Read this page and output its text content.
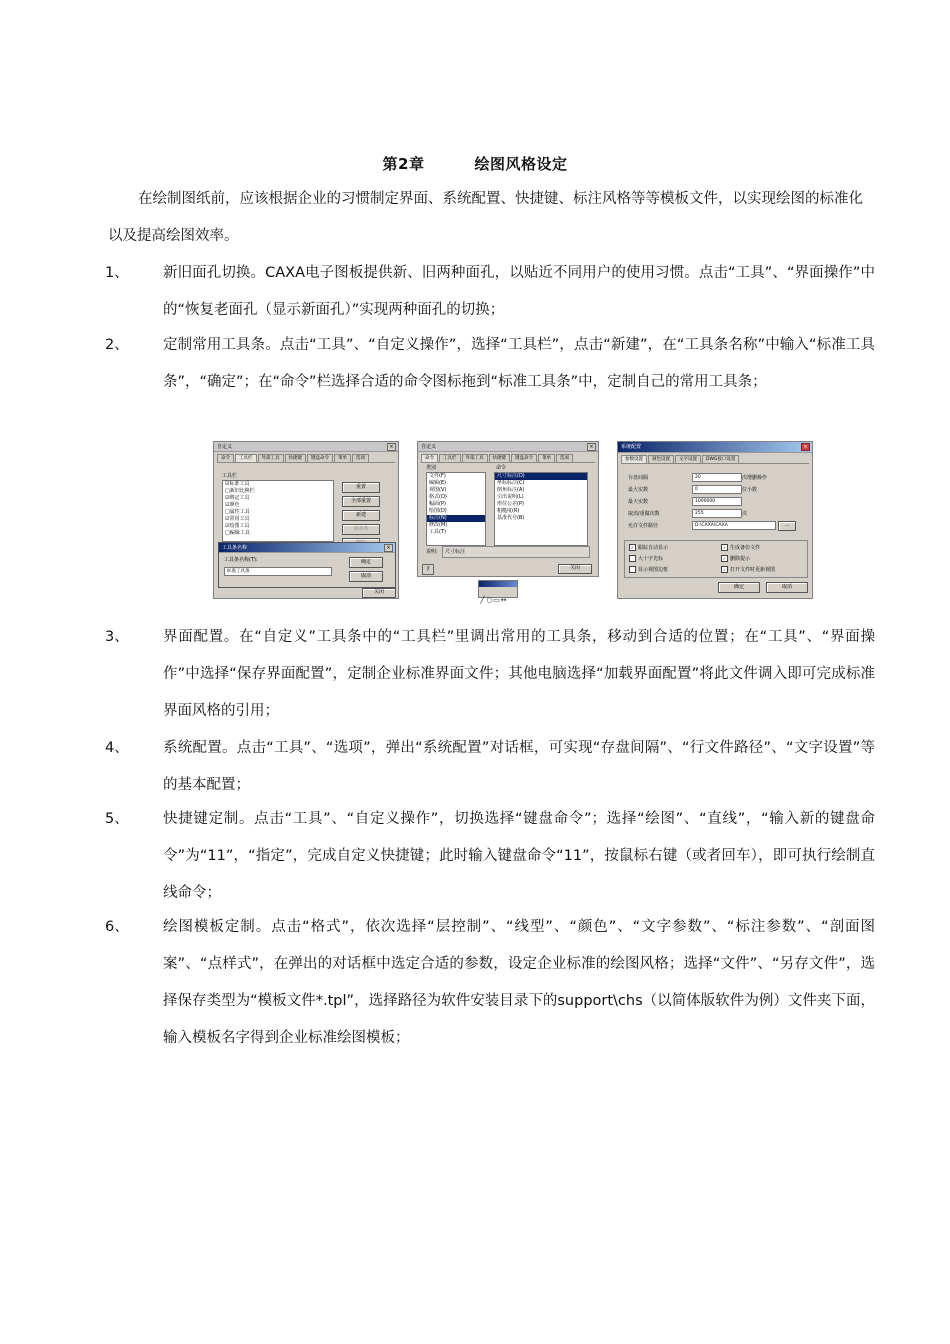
第2章	绘图风格设定

在绘制图纸前，应该根据企业的习惯制定界面、系统配置、快捷键、标注风格等等模板文件，以实现绘图的标准化以及提高绘图效率。

1、	新旧面孔切换。CAXA电子图板提供新、旧两种面孔，以贴近不同用户的使用习惯。点击“工具”、“界面操作”中的“恢复老面孔（显示新面孔）”实现两种面孔的切换；
2、	定制常用工具条。点击“工具”、“自定义操作”，选择“工具栏”，点击“新建”，在“工具条名称”中输入“标准工具条”，“确定”；在“命令”栏选择合适的命令图标拖到“标准工具条”中，定制自己的常用工具条；
自定义	×
命令 工具栏 外部工具 快捷键 键盘命令 菜单 选项
工具栏
☑标准工具
□新旧比换栏
☑绑定工具
☑颜色
□属性工具
☑常用工具
☑绘图工具
□编辑工具
重置
全部重置
新建
重命名
工具条名称	×
工具条名称(T):
标准工具条
确定
取消
关闭
自定义	×
命令 工具栏 外部工具 快捷键 键盘命令 菜单 选项
类别	命令
文件(F)
编辑(E)
视图(V)
格式(O)
幅面(P)
绘图(D)
标注(N)
修改(M)
工具(T)
尺寸标注(D)
坐标标注(C)
倒角标注(A)
引出说明(L)
形位公差(P)
粗糙度(R)
基准代号(B)
说明: 尺寸标注
?	关闭
╱ ○▭↔
系统配置	×
参数设置 颜色设置 文字设置 DWG接口设置
存盘间隔	20	次增删操作
最大实数	0	位小数
最大实数	1000000
取消/重做次数	255	次
允许文件路径	D:\CAXA\CAXA	…
✓ 跟踪自动显示
大十字光标
显示视图边框
✓ 生成备份文件
✓ 删除提示
✓ 打开文件时更新视图
确定	取消
3、	界面配置。在“自定义”工具条中的“工具栏”里调出常用的工具条，移动到合适的位置；在“工具”、“界面操作”中选择“保存界面配置”，定制企业标准界面文件；其他电脑选择“加载界面配置”将此文件调入即可完成标准界面风格的引用；
4、	系统配置。点击“工具”、“选项”，弹出“系统配置”对话框，可实现“存盘间隔”、“行文件路径”、“文字设置”等的基本配置；
5、	快捷键定制。点击“工具”、“自定义操作”，切换选择“键盘命令”；选择“绘图”、“直线”，“输入新的键盘命令”为“11”，“指定”，完成自定义快捷键；此时输入键盘命令“11”，按鼠标右键（或者回车），即可执行绘制直线命令；
6、	绘图模板定制。点击“格式”，依次选择“层控制”、“线型”、“颜色”、“文字参数”、“标注参数”、“剖面图案”、“点样式”，在弹出的对话框中选定合适的参数，设定企业标准的绘图风格；选择“文件”、“另存文件”，选择保存类型为“模板文件*.tpl”，选择路径为软件安装目录下的support\chs（以简体版软件为例）文件夹下面，输入模板名字得到企业标准绘图模板；
